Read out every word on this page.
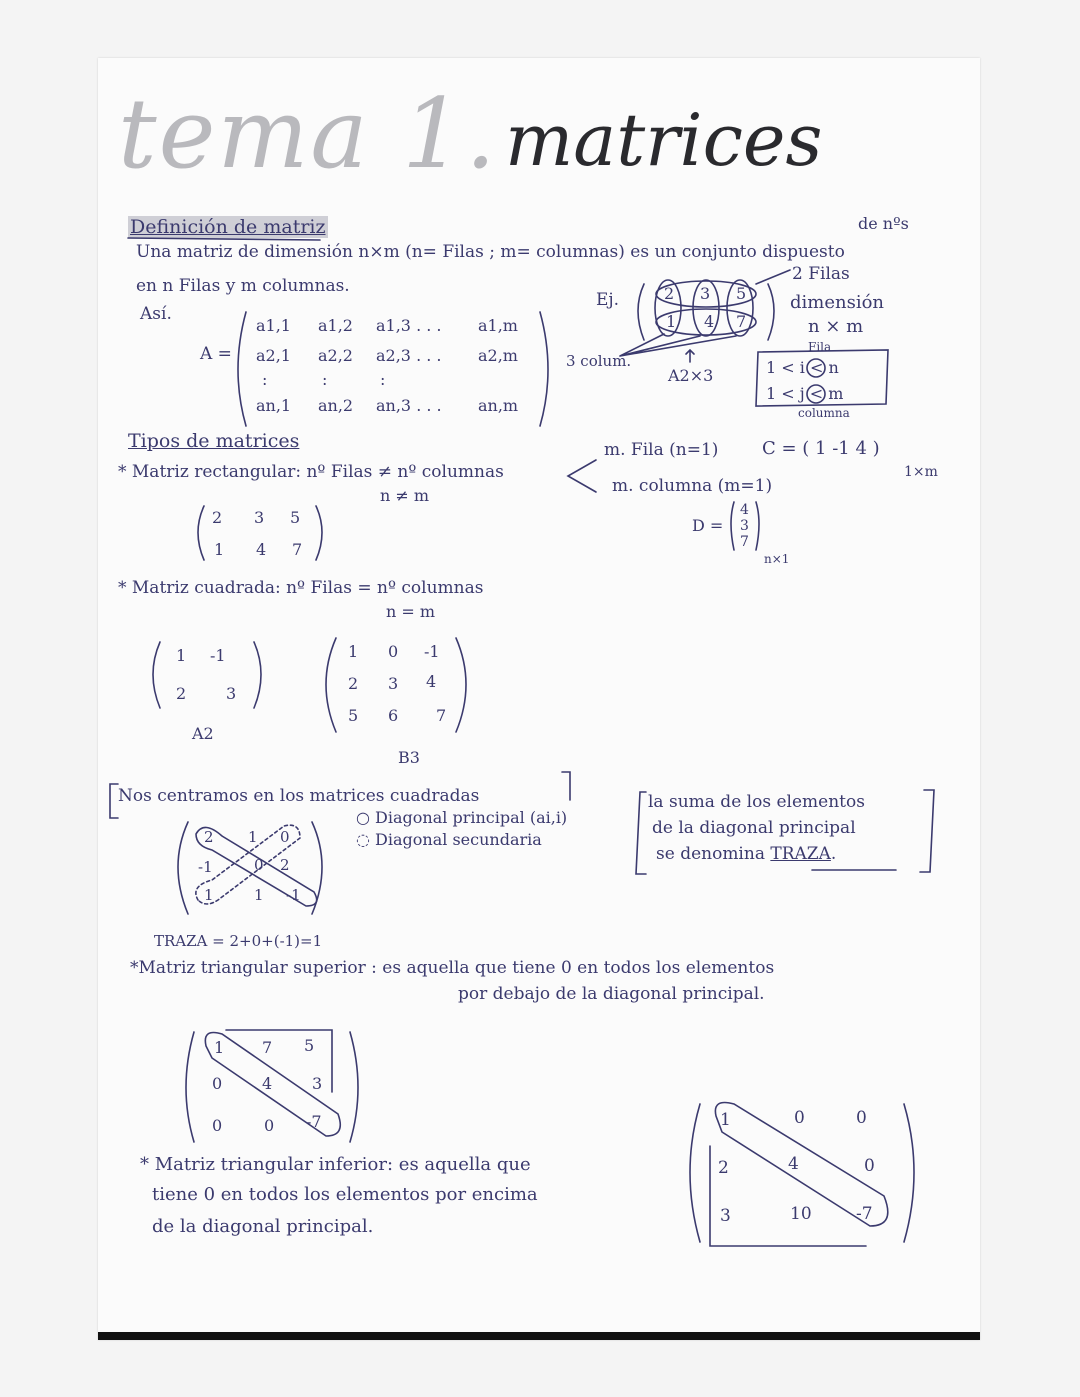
tema 1. matrices
Definición de matriz	de nºs
Una matriz de dimensión n×m (n= Filas ; m= columnas) es un conjunto dispuesto
en n Filas y m columnas.
Así.
A =
a1,1 a1,2 a1,3 . . . a1,m
a2,1 a2,2 a2,3 . . . a2,m
:	:	:
an,1 an,2 an,3 . . . an,m
Ej.	2 3 5
1 4 7
2 Filas
dimensión
n × m
3 colum.
A2×3
Fila
1 < i < n
1 < j < m
columna
Tipos de matrices
* Matriz rectangular: nº Filas ≠ nº columnas
n ≠ m
2 3 5
1 4 7
m. Fila (n=1) C = ( 1 -1 4 )
1×m
m. columna (m=1)
D =
4
3
7
n×1
* Matriz cuadrada: nº Filas = nº columnas
n = m
1 -1
2 3
A2
1 0 -1
2 3 4
5 6 7
B3
Nos centramos en los matrices cuadradas
○ Diagonal principal (ai,i)
◌ Diagonal secundaria
2 1 0
-1	0 2
1	1 -1
la suma de los elementos
de la diagonal principal
se denomina TRAZA.
TRAZA = 2+0+(-1)=1
*Matriz triangular superior : es aquella que tiene 0 en todos los elementos
por debajo de la diagonal principal.
1 7 5
0 4 3
0	0 -7
* Matriz triangular inferior: es aquella que
tiene 0 en todos los elementos por encima
de la diagonal principal.
1	0	0
2	4	0
3	10	-7
